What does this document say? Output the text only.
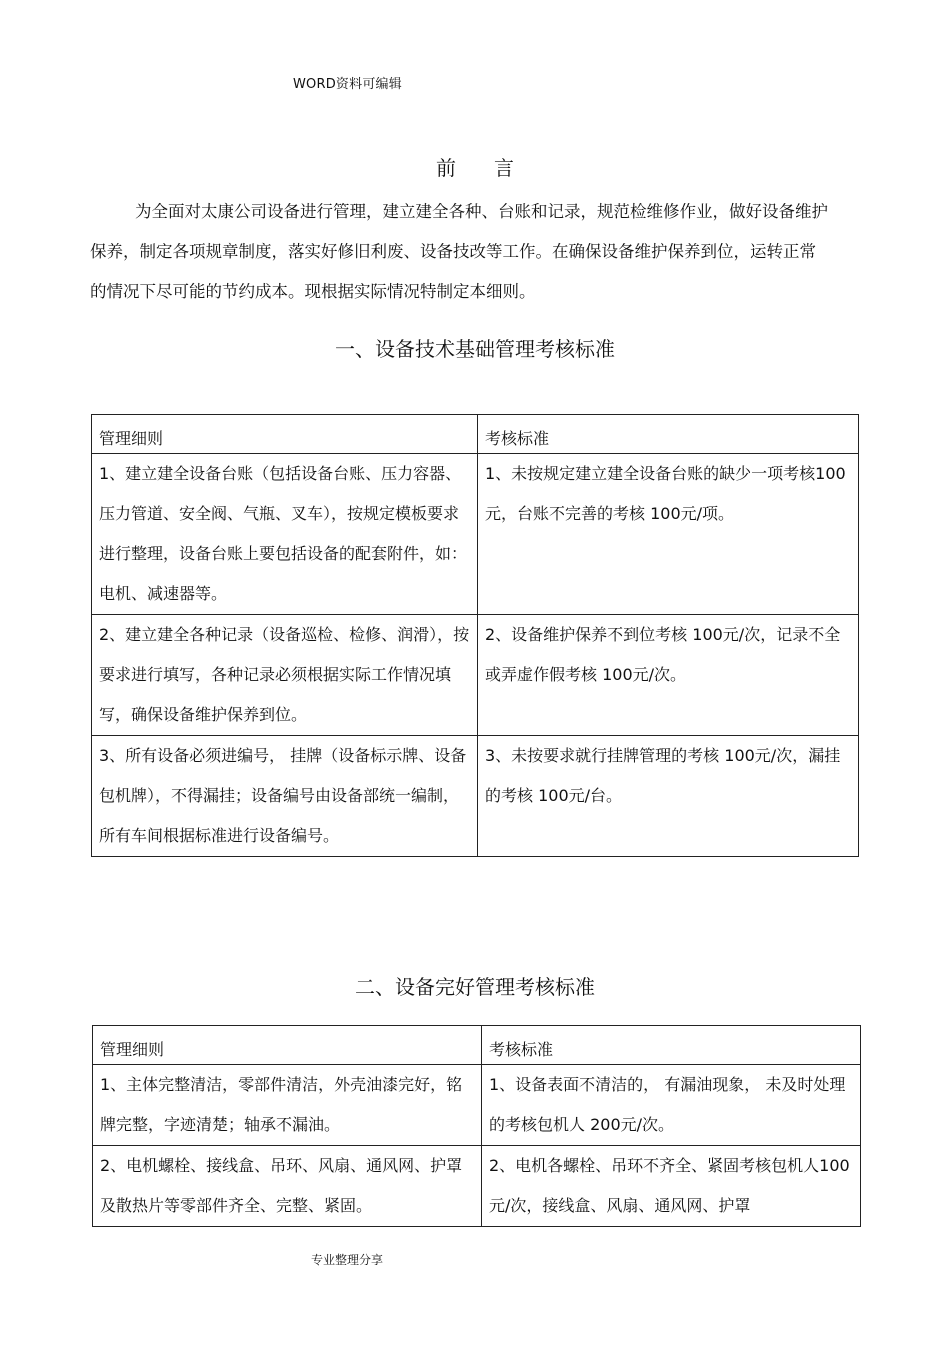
WORD资料可编辑
前言
为全面对太康公司设备进行管理，建立建全各种、台账和记录，规范检维修作业，做好设备维护保养，制定各项规章制度，落实好修旧利废、设备技改等工作。在确保设备维护保养到位，运转正常的情况下尽可能的节约成本。现根据实际情况特制定本细则。
一、设备技术基础管理考核标准
管理细则	考核标准
1、建立建全设备台账（包括设备台账、压力容器、压力管道、安全阀、气瓶、叉车），按规定模板要求进行整理，设备台账上要包括设备的配套附件，如：电机、减速器等。	1、未按规定建立建全设备台账的缺少一项考核100元，台账不完善的考核 100元/项。
2、建立建全各种记录（设备巡检、检修、润滑），按要求进行填写，各种记录必须根据实际工作情况填写，确保设备维护保养到位。	2、设备维护保养不到位考核 100元/次，记录不全或弄虚作假考核 100元/次。
3、所有设备必须进编号， 挂牌（设备标示牌、设备包机牌），不得漏挂；设备编号由设备部统一编制，所有车间根据标准进行设备编号。	3、未按要求就行挂牌管理的考核 100元/次，漏挂的考核 100元/台。
二、设备完好管理考核标准
管理细则	考核标准
1、主体完整清洁，零部件清洁，外壳油漆完好，铭牌完整，字迹清楚；轴承不漏油。	1、设备表面不清洁的， 有漏油现象， 未及时处理的考核包机人 200元/次。
2、电机螺栓、接线盒、吊环、风扇、通风网、护罩及散热片等零部件齐全、完整、紧固。	2、电机各螺栓、吊环不齐全、紧固考核包机人100元/次，接线盒、风扇、通风网、护罩
专业整理分享
